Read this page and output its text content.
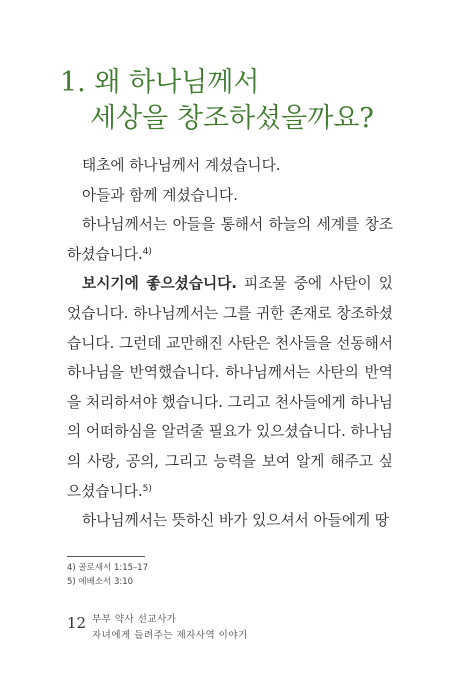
1. 왜 하나님께서
세상을 창조하셨을까요?

태초에 하나님께서 계셨습니다.

아들과 함께 계셨습니다.

하나님께서는 아들을 통해서 하늘의 세계를 창조하셨습니다.$^{4)}$

보시기에 좋으셨습니다. 피조물 중에 사탄이 있었습니다. 하나님께서는 그를 귀한 존재로 창조하셨습니다. 그런데 교만해진 사탄은 천사들을 선동해서 하나님을 반역했습니다. 하나님께서는 사탄의 반역을 처리하셔야 했습니다. 그리고 천사들에게 하나님의 어떠하심을 알려줄 필요가 있으셨습니다. 하나님의 사랑, 공의, 그리고 능력을 보여 알게 해주고 싶으셨습니다.$^{5)}$

하나님께서는 뜻하신 바가 있으셔서 아들에게 땅

4) 골로새서 1:15–17
5) 에베소서 3:10
12 부부 약사 선교사가
자녀에게 들려주는 제자사역 이야기
